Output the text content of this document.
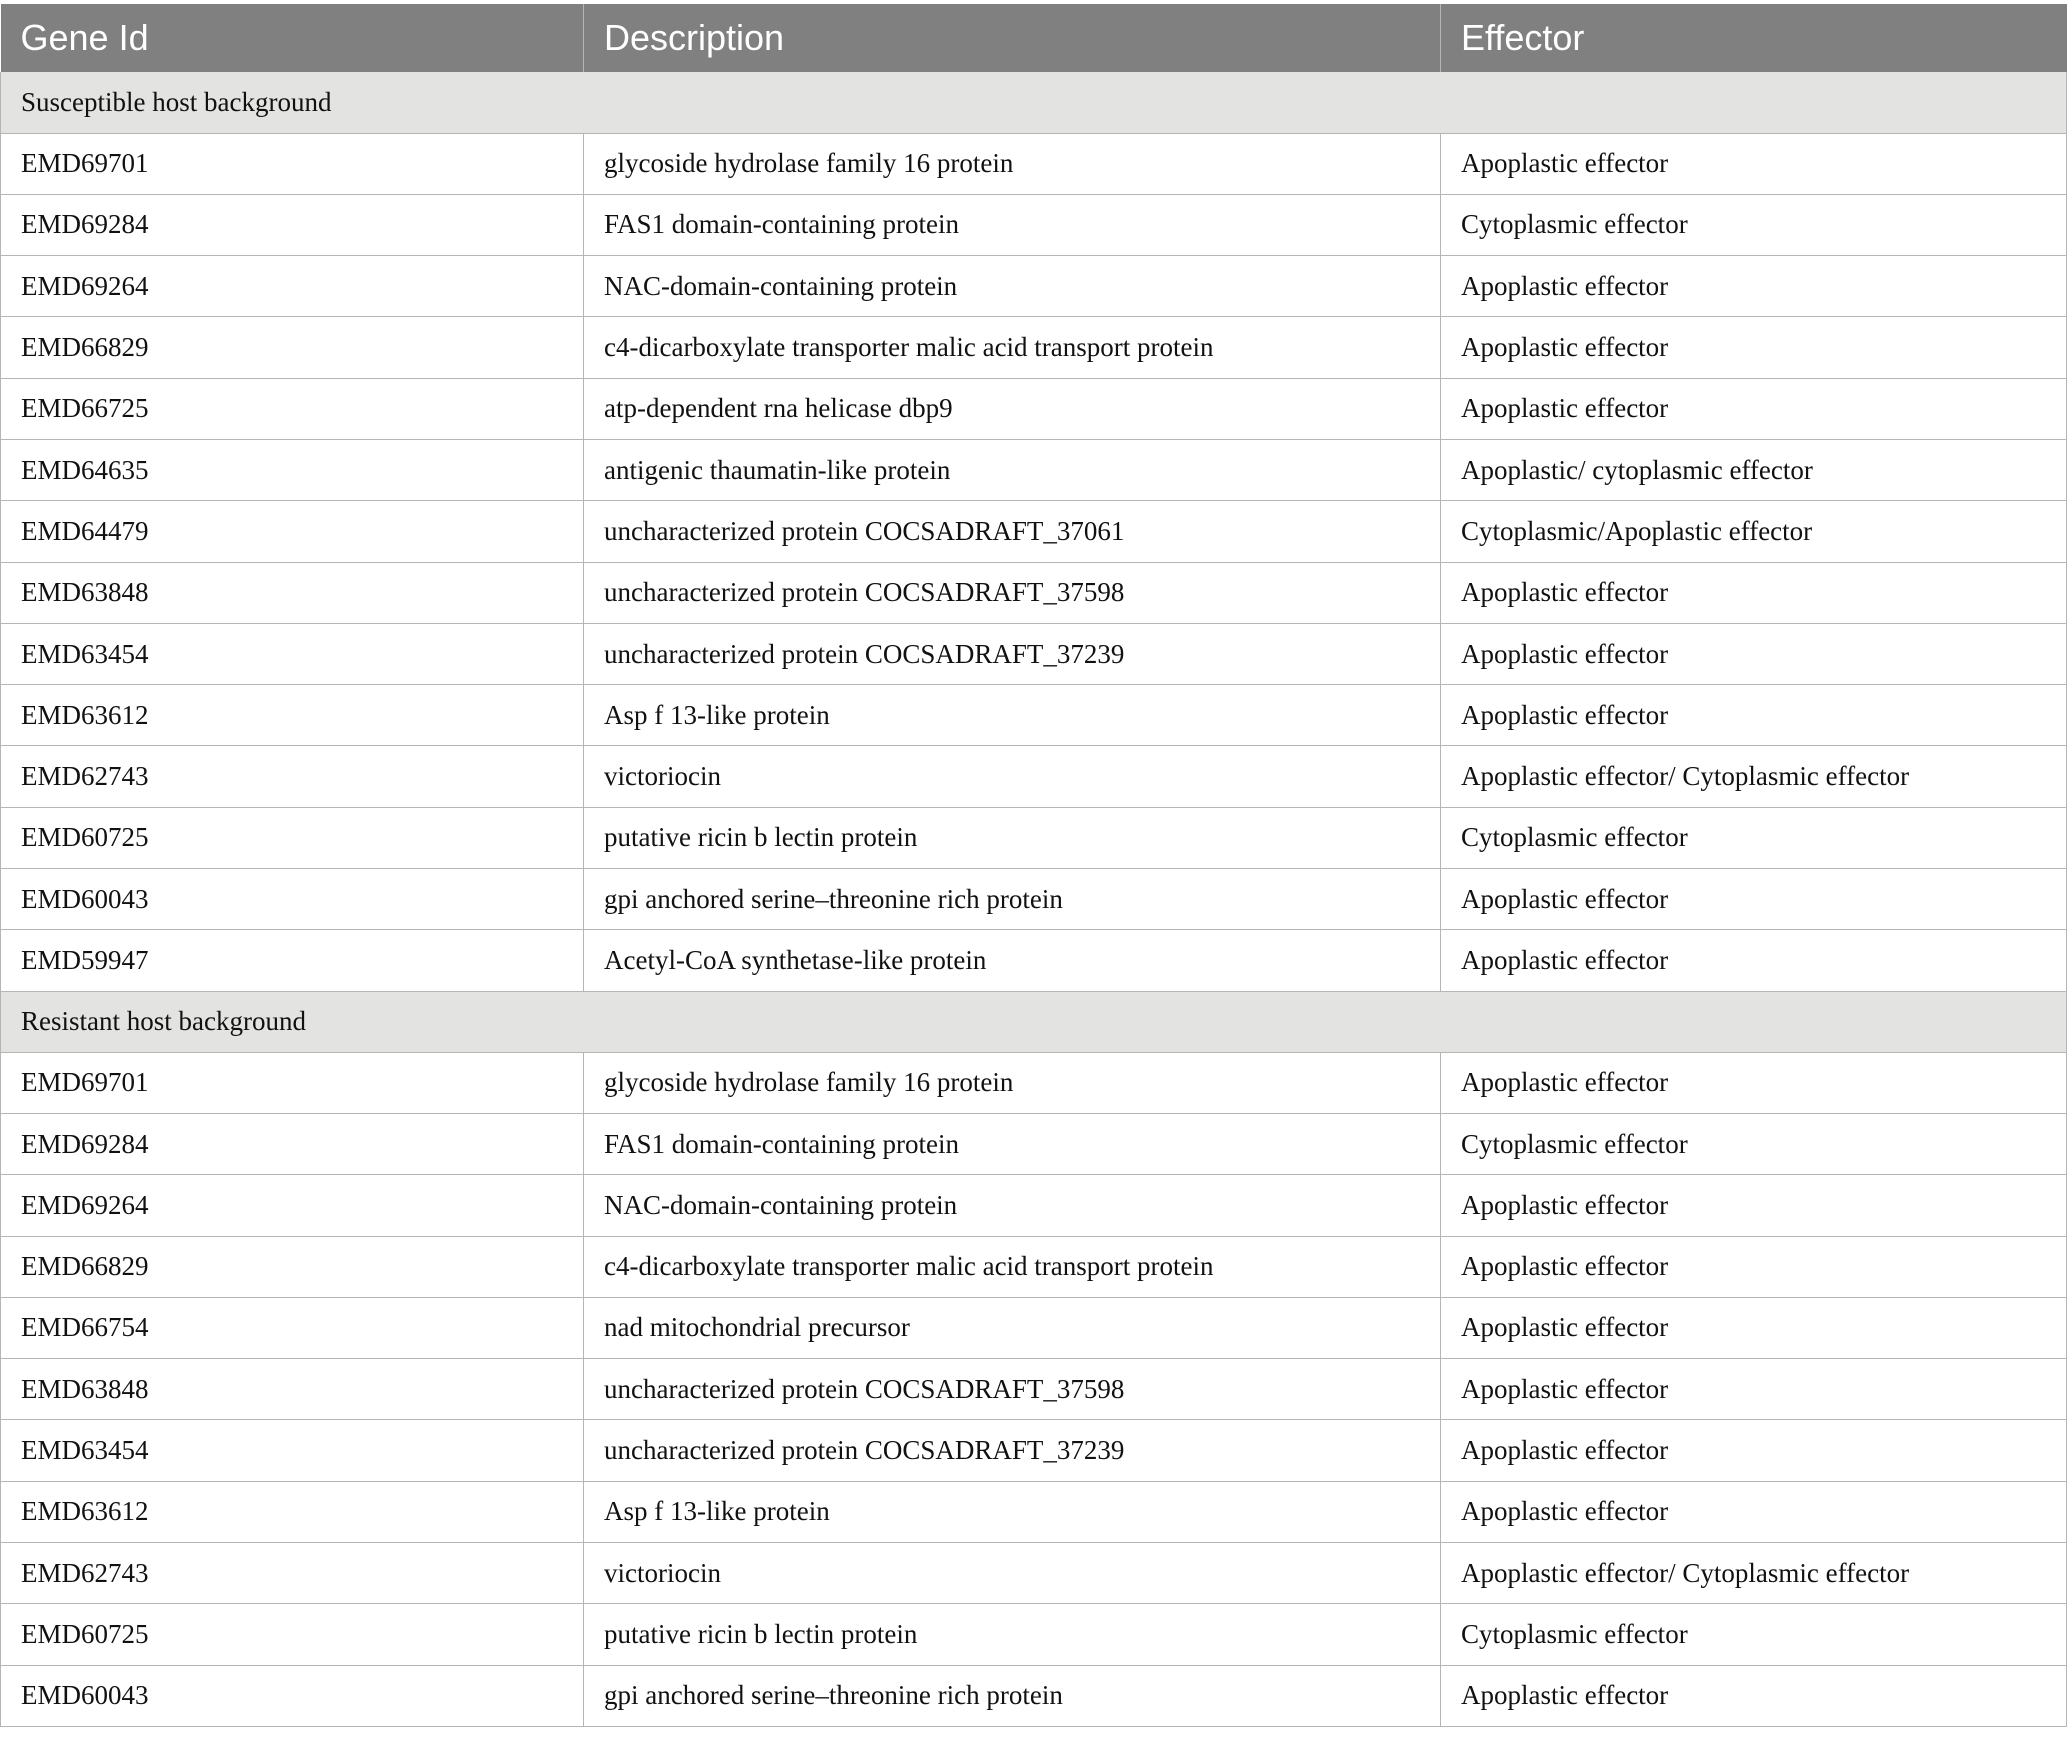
Gene Id	Description	Effector
Susceptible host background		
EMD69701	glycoside hydrolase family 16 protein	Apoplastic effector
EMD69284	FAS1 domain-containing protein	Cytoplasmic effector
EMD69264	NAC-domain-containing protein	Apoplastic effector
EMD66829	c4-dicarboxylate transporter malic acid transport protein	Apoplastic effector
EMD66725	atp-dependent rna helicase dbp9	Apoplastic effector
EMD64635	antigenic thaumatin-like protein	Apoplastic/ cytoplasmic effector
EMD64479	uncharacterized protein COCSADRAFT_37061	Cytoplasmic/Apoplastic effector
EMD63848	uncharacterized protein COCSADRAFT_37598	Apoplastic effector
EMD63454	uncharacterized protein COCSADRAFT_37239	Apoplastic effector
EMD63612	Asp f 13-like protein	Apoplastic effector
EMD62743	victoriocin	Apoplastic effector/ Cytoplasmic effector
EMD60725	putative ricin b lectin protein	Cytoplasmic effector
EMD60043	gpi anchored serine–threonine rich protein	Apoplastic effector
EMD59947	Acetyl-CoA synthetase-like protein	Apoplastic effector
Resistant host background		
EMD69701	glycoside hydrolase family 16 protein	Apoplastic effector
EMD69284	FAS1 domain-containing protein	Cytoplasmic effector
EMD69264	NAC-domain-containing protein	Apoplastic effector
EMD66829	c4-dicarboxylate transporter malic acid transport protein	Apoplastic effector
EMD66754	nad mitochondrial precursor	Apoplastic effector
EMD63848	uncharacterized protein COCSADRAFT_37598	Apoplastic effector
EMD63454	uncharacterized protein COCSADRAFT_37239	Apoplastic effector
EMD63612	Asp f 13-like protein	Apoplastic effector
EMD62743	victoriocin	Apoplastic effector/ Cytoplasmic effector
EMD60725	putative ricin b lectin protein	Cytoplasmic effector
EMD60043	gpi anchored serine–threonine rich protein	Apoplastic effector
